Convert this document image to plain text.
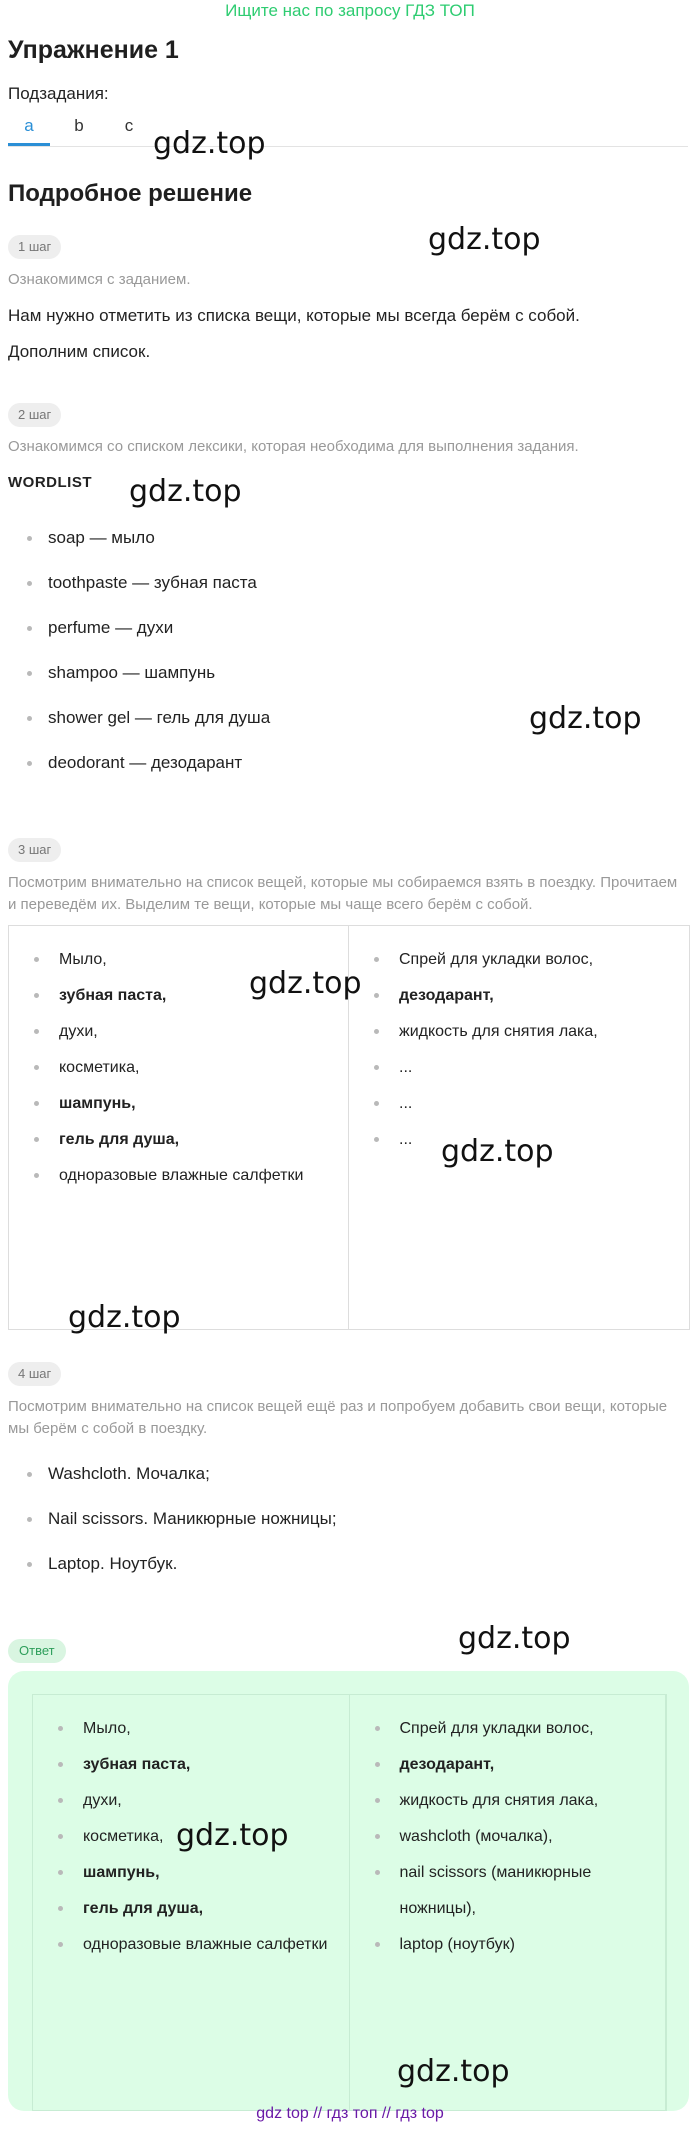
Ищите нас по запросу ГДЗ ТОП
Упражнение 1
Подзадания:
a	b	c
Подробное решение
1 шаг
Ознакомимся с заданием.
Нам нужно отметить из списка вещи, которые мы всегда берём с собой.
Дополним список.
2 шаг
Ознакомимся со списком лексики, которая необходима для выполнения задания.
WORDLIST
soap — мыло
toothpaste — зубная паста
perfume — духи
shampoo — шампунь
shower gel — гель для душа
deodorant — дезодарант
3 шаг
Посмотрим внимательно на список вещей, которые мы собираемся взять в поездку. Прочитаем и переведём их. Выделим те вещи, которые мы чаще всего берём с собой.
Мыло,
зубная паста,
духи,
косметика,
шампунь,
гель для душа,
одноразовые влажные салфетки
Спрей для укладки волос,
дезодарант,
жидкость для снятия лака,
...
...
...
4 шаг
Посмотрим внимательно на список вещей ещё раз и попробуем добавить свои вещи, которые мы берём с собой в поездку.
Washcloth. Мочалка;
Nail scissors. Маникюрные ножницы;
Laptop. Ноутбук.
Ответ
Мыло,
зубная паста,
духи,
косметика,
шампунь,
гель для душа,
одноразовые влажные салфетки
Спрей для укладки волос,
дезодарант,
жидкость для снятия лака,
washcloth (мочалка),
nail scissors (маникюрные ножницы),
laptop (ноутбук)
gdz.top
gdz.top
gdz.top
gdz.top
gdz.top
gdz.top
gdz.top
gdz.top
gdz.top
gdz.top
gdz top // гдз топ // гдз top
